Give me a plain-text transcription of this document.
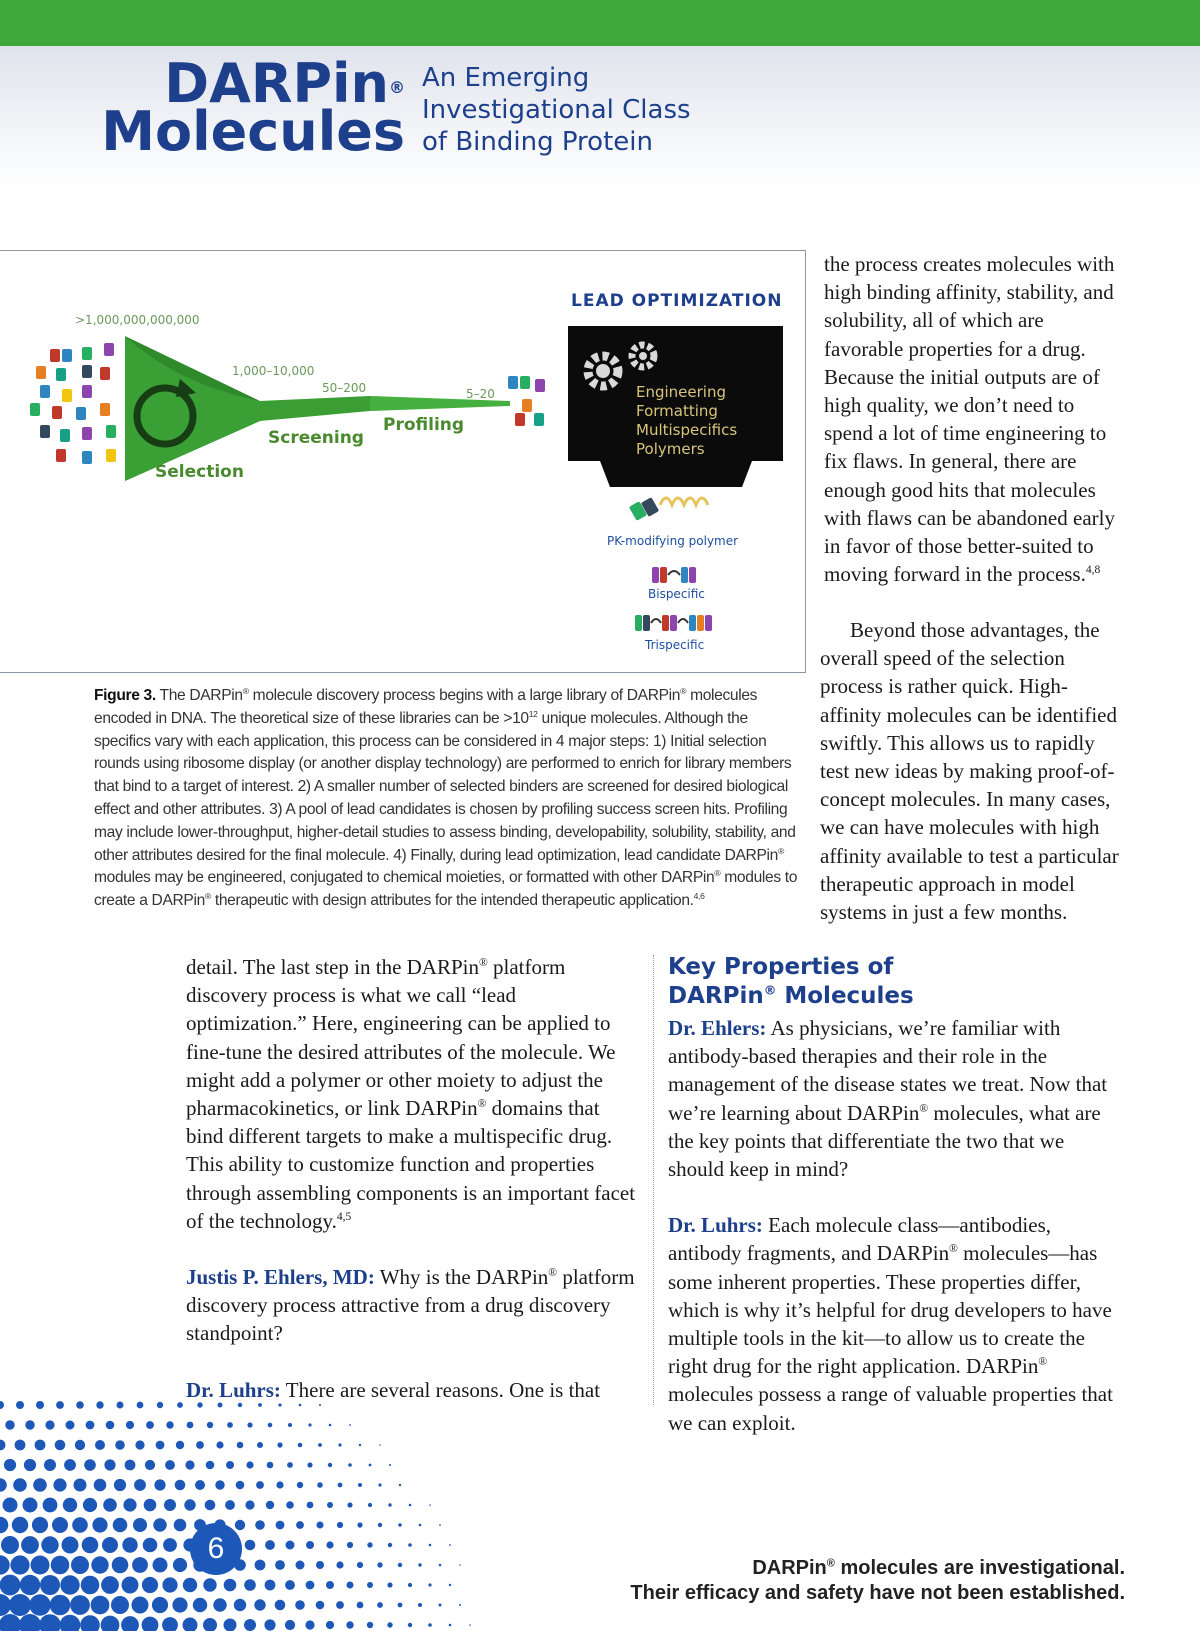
DARPin®
Molecules
An Emerging
Investigational Class
of Binding Protein
>1,000,000,000,000
1,000–10,000
50–200	5–20
Selection
Screening
Profiling
LEAD OPTIMIZATION
Engineering
Formatting
Multispecifics
Polymers
PK-modifying polymer
Bispecific
Trispecific
Figure 3. The DARPin® molecule discovery process begins with a large library of DARPin® molecules encoded in DNA. The theoretical size of these libraries can be $>10^{12}$ unique molecules. Although the specifics vary with each application, this process can be considered in 4 major steps: 1) Initial selection rounds using ribosome display (or another display technology) are performed to enrich for library members that bind to a target of interest. 2) A smaller number of selected binders are screened for desired biological effect and other attributes. 3) A pool of lead candidates is chosen by profiling success screen hits. Profiling may include lower-throughput, higher-detail studies to assess binding, developability, solubility, stability, and other attributes desired for the final molecule. 4) Finally, during lead optimization, lead candidate DARPin® modules may be engineered, conjugated to chemical moieties, or formatted with other DARPin® modules to create a DARPin® therapeutic with design attributes for the intended therapeutic application.$^{4,6}$

the process creates molecules with high binding affinity, stability, and solubility, all of which are favorable properties for a drug. Because the initial outputs are of high quality, we don’t need to spend a lot of time engineering to fix flaws. In general, there are enough good hits that molecules with flaws can be abandoned early in favor of those better-suited to moving forward in the process.$^{4,8}$

Beyond those advantages, the overall speed of the selection process is rather quick. High-affinity molecules can be identified swiftly. This allows us to rapidly test new ideas by making proof-of-concept molecules. In many cases, we can have molecules with high affinity available to test a particular therapeutic approach in model systems in just a few months.

detail. The last step in the DARPin® platform discovery process is what we call “lead optimization.” Here, engineering can be applied to fine-tune the desired attributes of the molecule. We might add a polymer or other moiety to adjust the pharmacokinetics, or link DARPin® domains that bind different targets to make a multispecific drug. This ability to customize function and properties through assembling components is an important facet of the technology.$^{4,5}$

Justis P. Ehlers, MD: Why is the DARPin® platform discovery process attractive from a drug discovery standpoint?

Dr. Luhrs: There are several reasons. One is that

Key Properties of
DARPin® Molecules

Dr. Ehlers: As physicians, we’re familiar with antibody-based therapies and their role in the management of the disease states we treat. Now that we’re learning about DARPin® molecules, what are the key points that differentiate the two that we should keep in mind?

Dr. Luhrs: Each molecule class—antibodies, antibody fragments, and DARPin® molecules—has some inherent properties. These properties differ, which is why it’s helpful for drug developers to have multiple tools in the kit—to allow us to create the right drug for the right application. DARPin® molecules possess a range of valuable properties that we can exploit.

6
DARPin® molecules are investigational.
Their efficacy and safety have not been established.
